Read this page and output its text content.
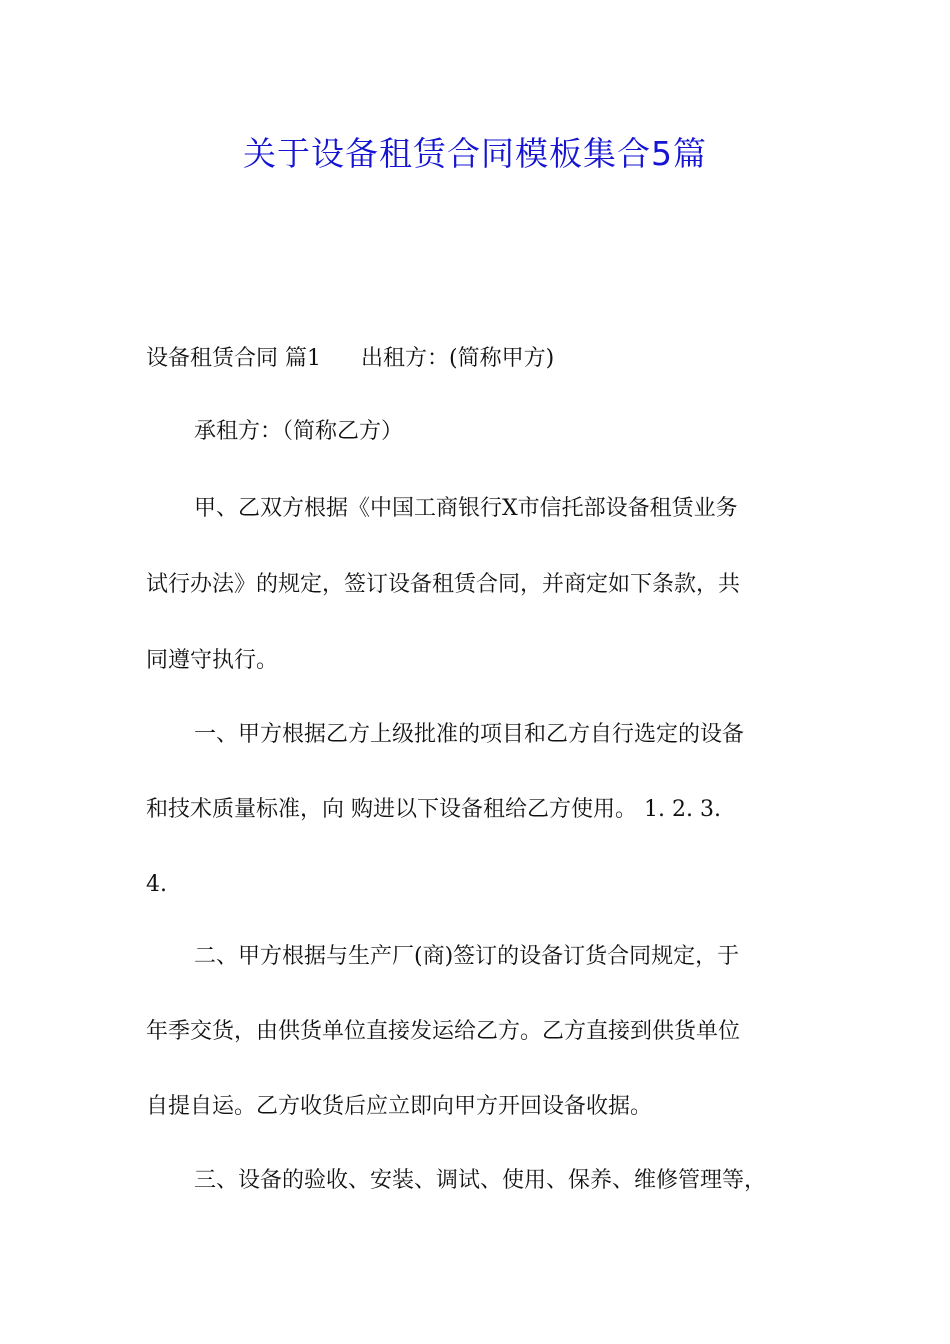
关于设备租赁合同模板集合5篇
设备租赁合同 篇1 出租方：(简称甲方)
承租方：（简称乙方）
甲、乙双方根据《中国工商银行X市信托部设备租赁业务
试行办法》的规定，签订设备租赁合同，并商定如下条款，共
同遵守执行。
一、甲方根据乙方上级批准的项目和乙方自行选定的设备
和技术质量标准，向 购进以下设备租给乙方使用。 1. 2. 3.
4.
二、甲方根据与生产厂(商)签订的设备订货合同规定，于
年季交货，由供货单位直接发运给乙方。乙方直接到供货单位
自提自运。乙方收货后应立即向甲方开回设备收据。
三、设备的验收、安装、调试、使用、保养、维修管理等，
